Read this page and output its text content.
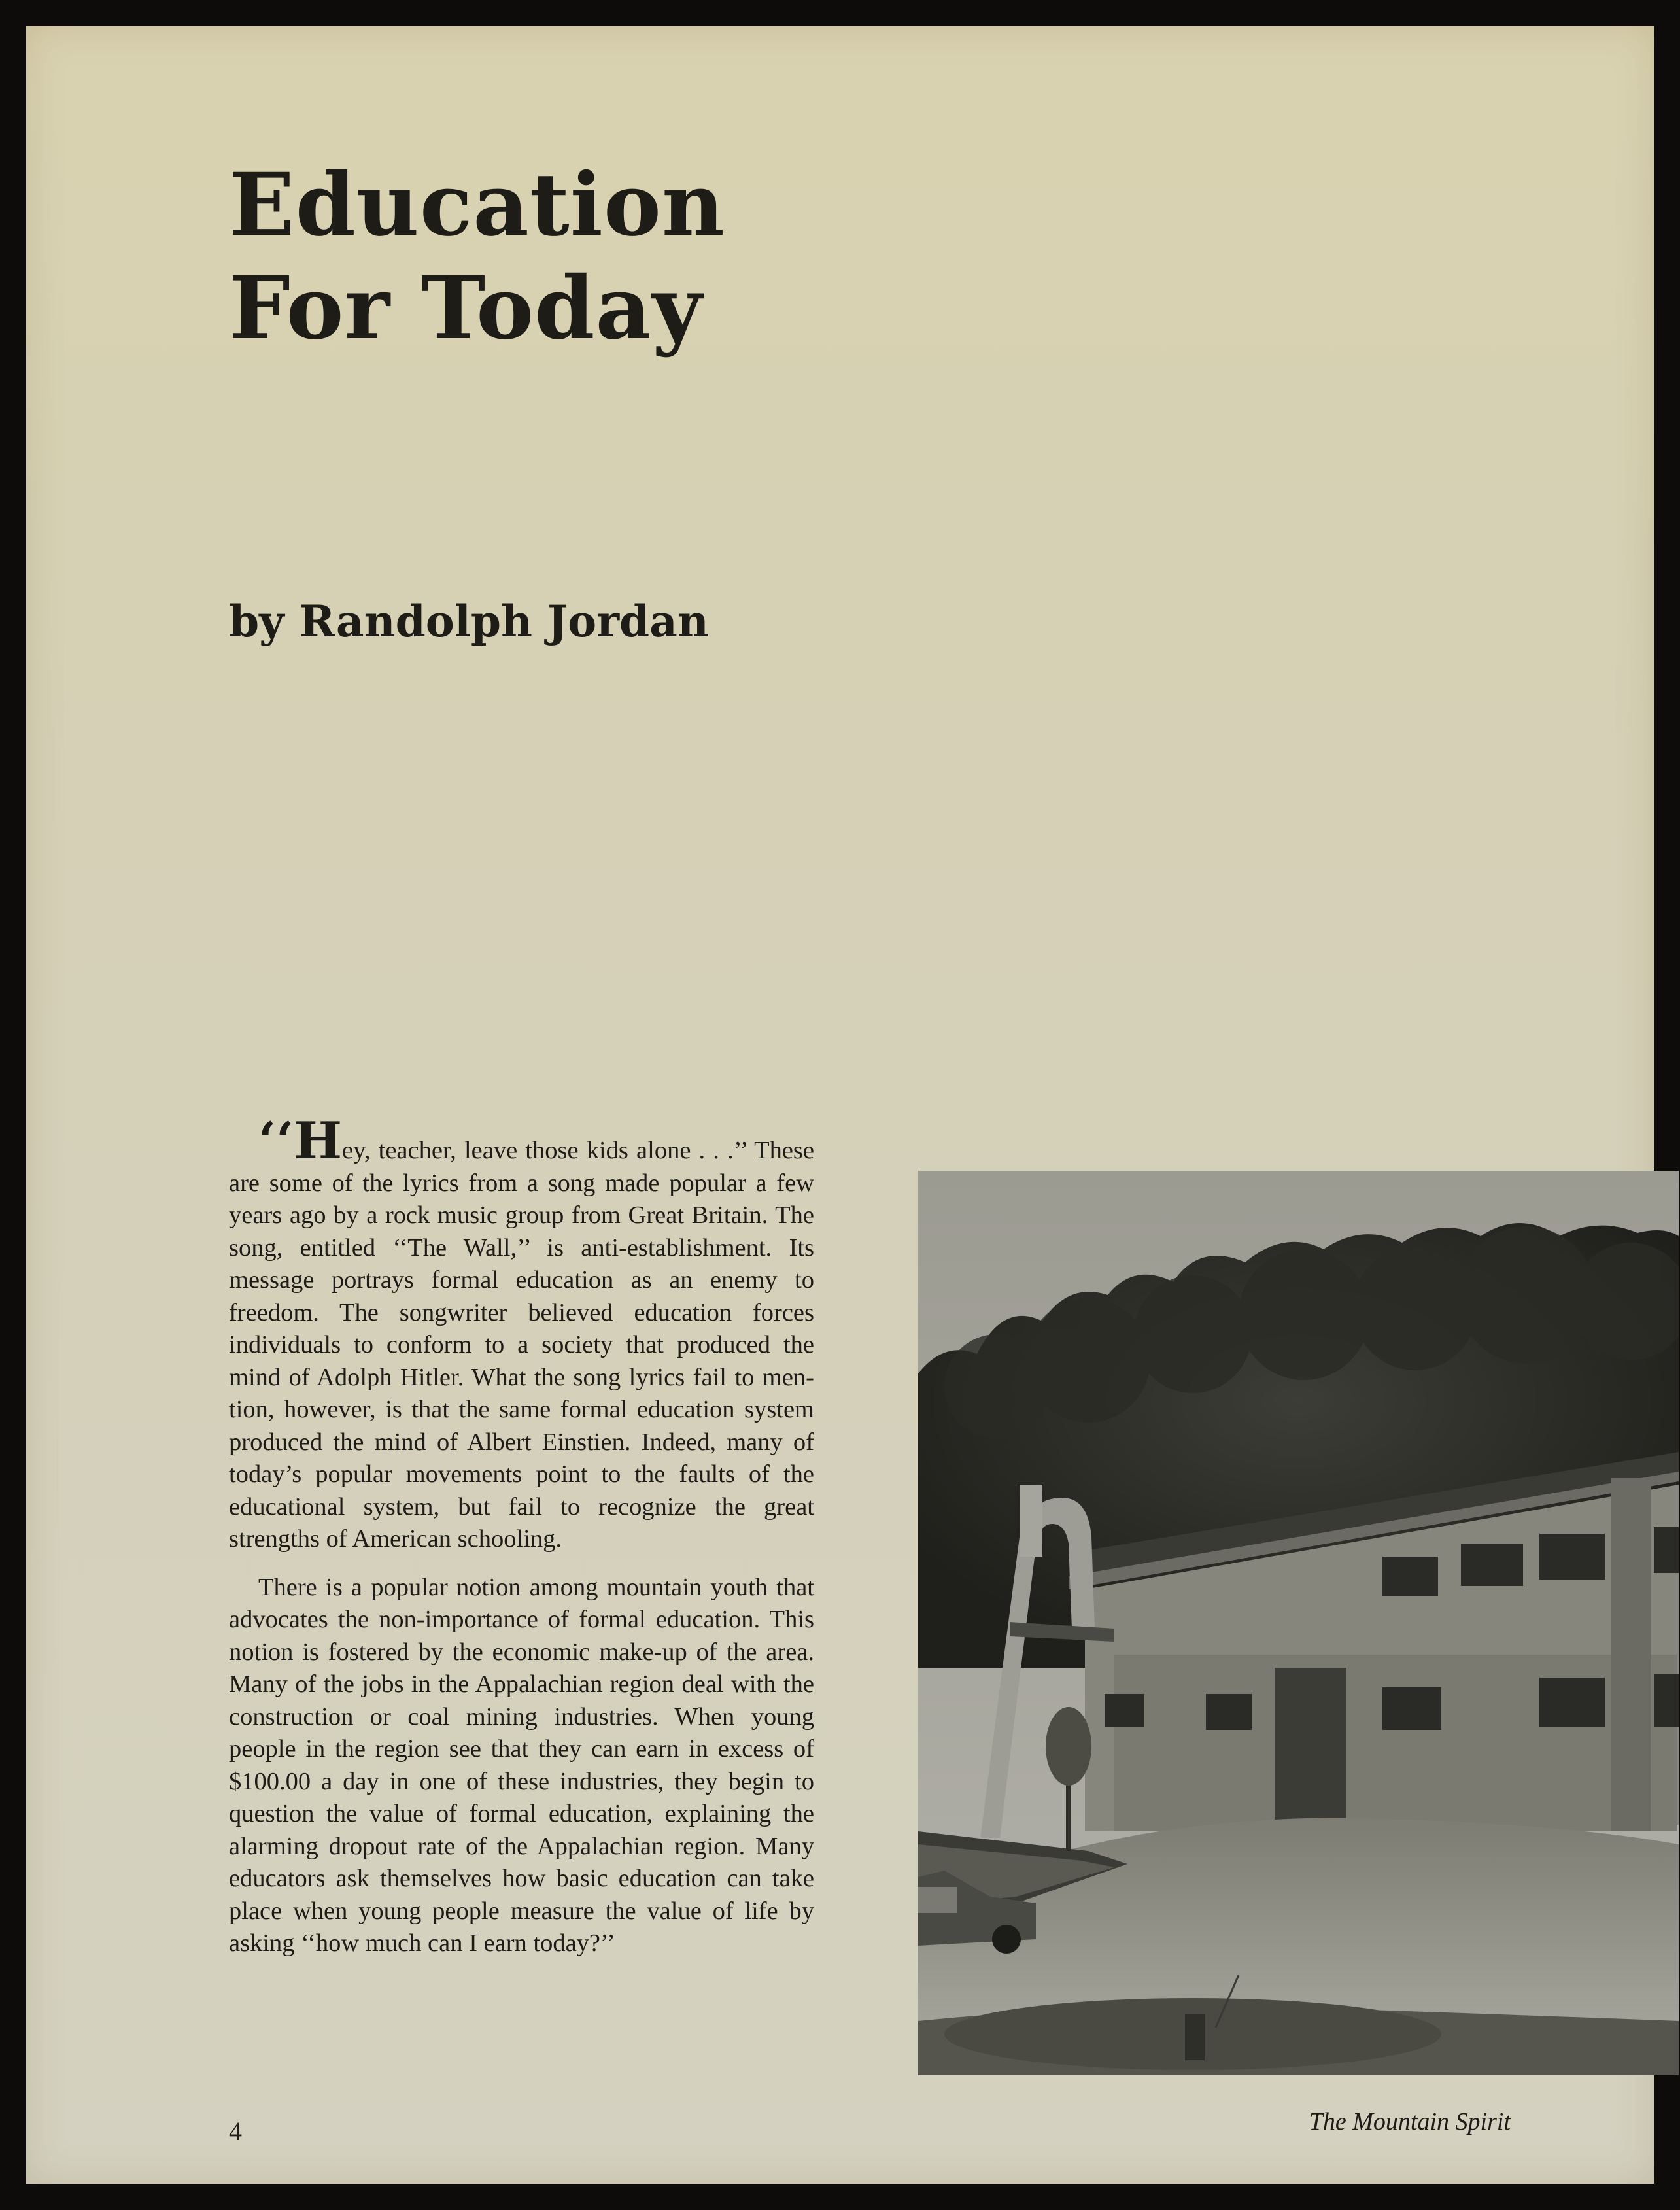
Education
For Today
by Randolph Jordan

‘‘Hey, teacher, leave those kids alone . . .’’ These are some of the lyrics from a song made popular a few years ago by a rock music group from Great Britain. The song, entitled ‘‘The Wall,’’ is anti-establishment. Its message portrays formal education as an enemy to freedom. The songwriter believed education forces individuals to conform to a society that produced the mind of Adolph Hitler. What the song lyrics fail to mention, however, is that the same formal education system produced the mind of Albert Einstien. Indeed, many of today’s popular movements point to the faults of the educational system, but fail to recognize the great strengths of American schooling.

There is a popular notion among mountain youth that advocates the non-importance of formal education. This notion is fostered by the economic make-up of the area. Many of the jobs in the Appalachian region deal with the construction or coal mining industries. When young people in the region see that they can earn in excess of $100.00 a day in one of these industries, they begin to question the value of formal education, explaining the alarming dropout rate of the Appalachian region. Many educators ask themselves how basic education can take place when young people measure the value of life by asking ‘‘how much can I earn today?’’

4	The Mountain Spirit
